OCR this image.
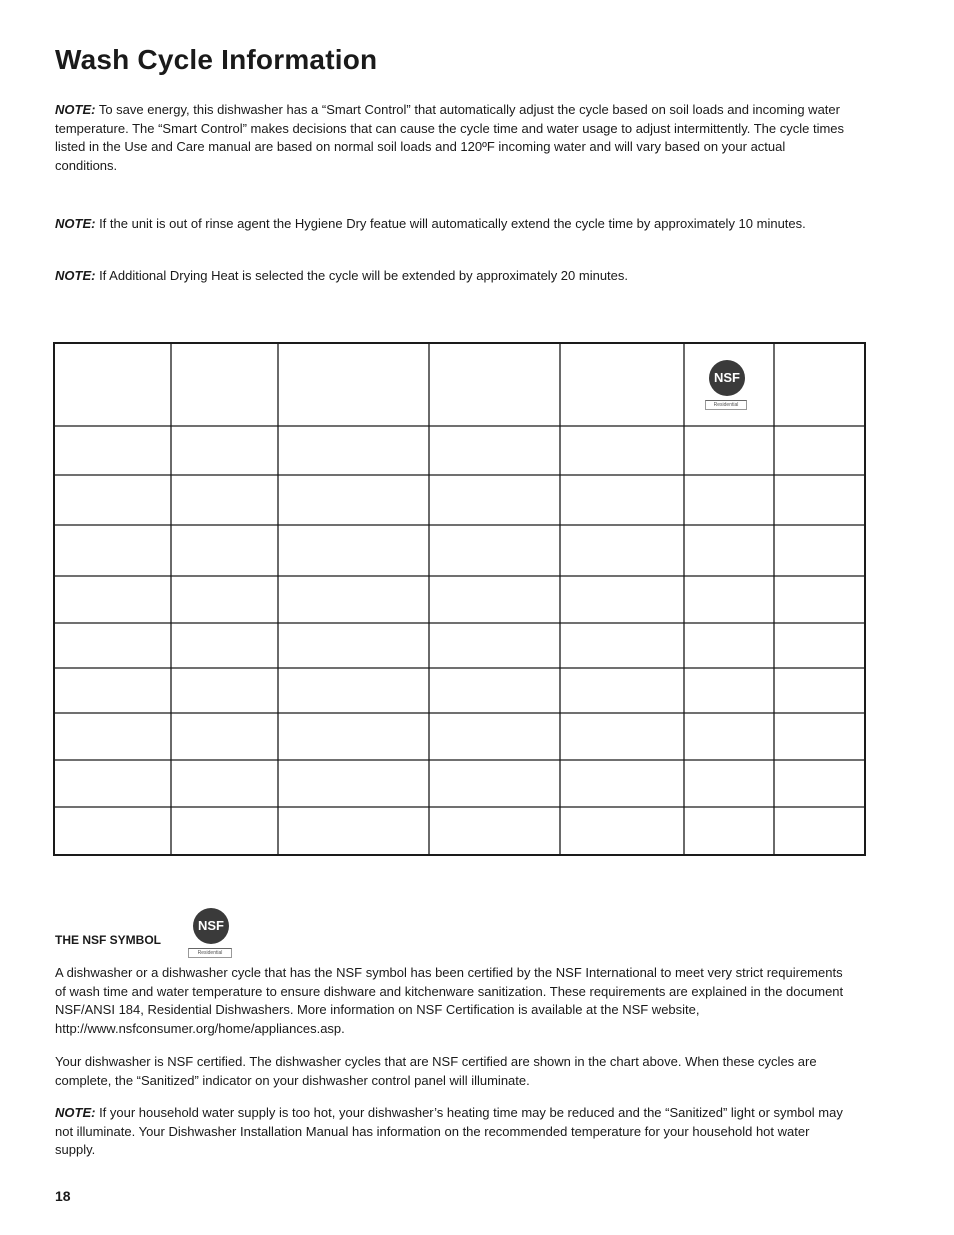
Wash Cycle Information

NOTE: To save energy, this dishwasher has a “Smart Control” that automatically adjust the cycle based on soil loads and incoming water temperature. The “Smart Control” makes decisions that can cause the cycle time and water usage to adjust intermittently. The cycle times listed in the Use and Care manual are based on normal soil loads and 120ºF incoming water and will vary based on your actual conditions.

NOTE: If the unit is out of rinse agent the Hygiene Dry featue will automatically extend the cycle time by approximately 10 minutes.

NOTE: If Additional Drying Heat is selected the cycle will be extended by approximately 20 minutes.

NSF
Residential

THE NSF SYMBOL

NSF
Residential

A dishwasher or a dishwasher cycle that has the NSF symbol has been certified by the NSF International to meet very strict requirements of wash time and water temperature to ensure dishware and kitchenware sanitization. These requirements are explained in the document NSF/ANSI 184, Residential Dishwashers. More information on NSF Certification is available at the NSF website, http://www.nsfconsumer.org/home/appliances.asp.

Your dishwasher is NSF certified. The dishwasher cycles that are NSF certified are shown in the chart above. When these cycles are complete, the “Sanitized” indicator on your dishwasher control panel will illuminate.

NOTE: If your household water supply is too hot, your dishwasher’s heating time may be reduced and the “Sanitized” light or symbol may not illuminate. Your Dishwasher Installation Manual has information on the recommended temperature for your household hot water supply.

18
